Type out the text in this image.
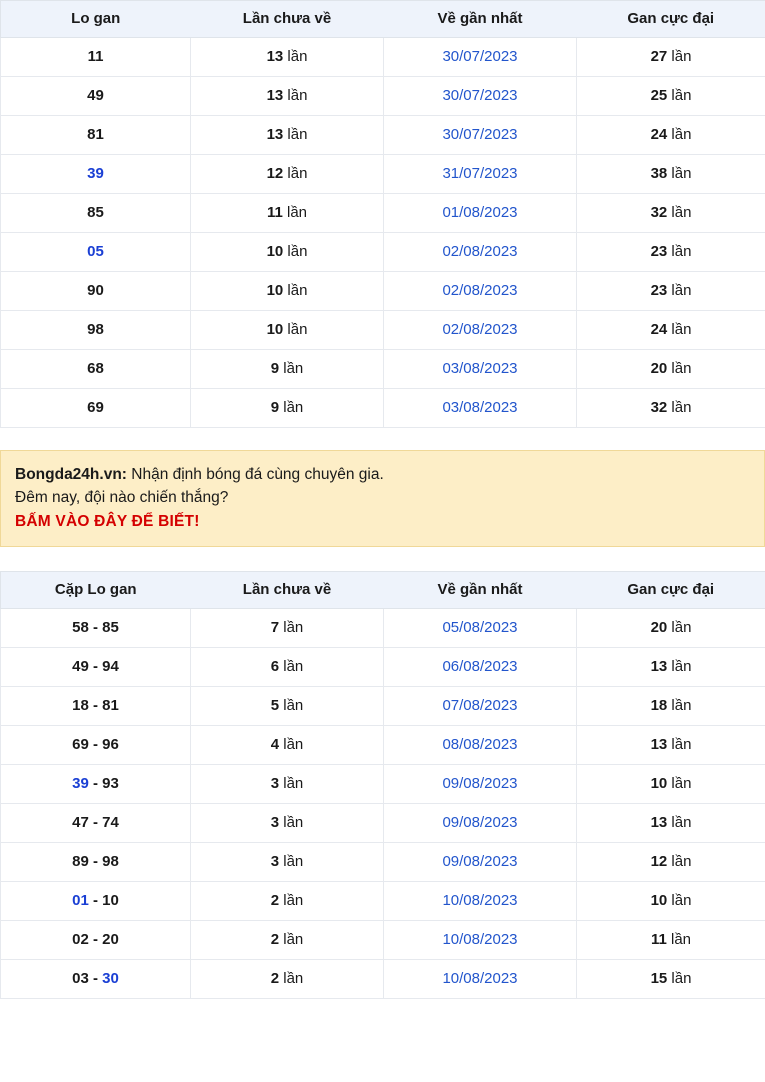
Lo gan	Lần chưa về	Về gần nhất	Gan cực đại
11	13 lần	30/07/2023	27 lần
49	13 lần	30/07/2023	25 lần
81	13 lần	30/07/2023	24 lần
39	12 lần	31/07/2023	38 lần
85	11 lần	01/08/2023	32 lần
05	10 lần	02/08/2023	23 lần
90	10 lần	02/08/2023	23 lần
98	10 lần	02/08/2023	24 lần
68	9 lần	03/08/2023	20 lần
69	9 lần	03/08/2023	32 lần
Bongda24h.vn: Nhận định bóng đá cùng chuyên gia.
Đêm nay, đội nào chiến thắng?
BẤM VÀO ĐÂY ĐỂ BIẾT!
Cặp Lo gan	Lần chưa về	Về gần nhất	Gan cực đại
58 - 85	7 lần	05/08/2023	20 lần
49 - 94	6 lần	06/08/2023	13 lần
18 - 81	5 lần	07/08/2023	18 lần
69 - 96	4 lần	08/08/2023	13 lần
39 - 93	3 lần	09/08/2023	10 lần
47 - 74	3 lần	09/08/2023	13 lần
89 - 98	3 lần	09/08/2023	12 lần
01 - 10	2 lần	10/08/2023	10 lần
02 - 20	2 lần	10/08/2023	11 lần
03 - 30	2 lần	10/08/2023	15 lần
